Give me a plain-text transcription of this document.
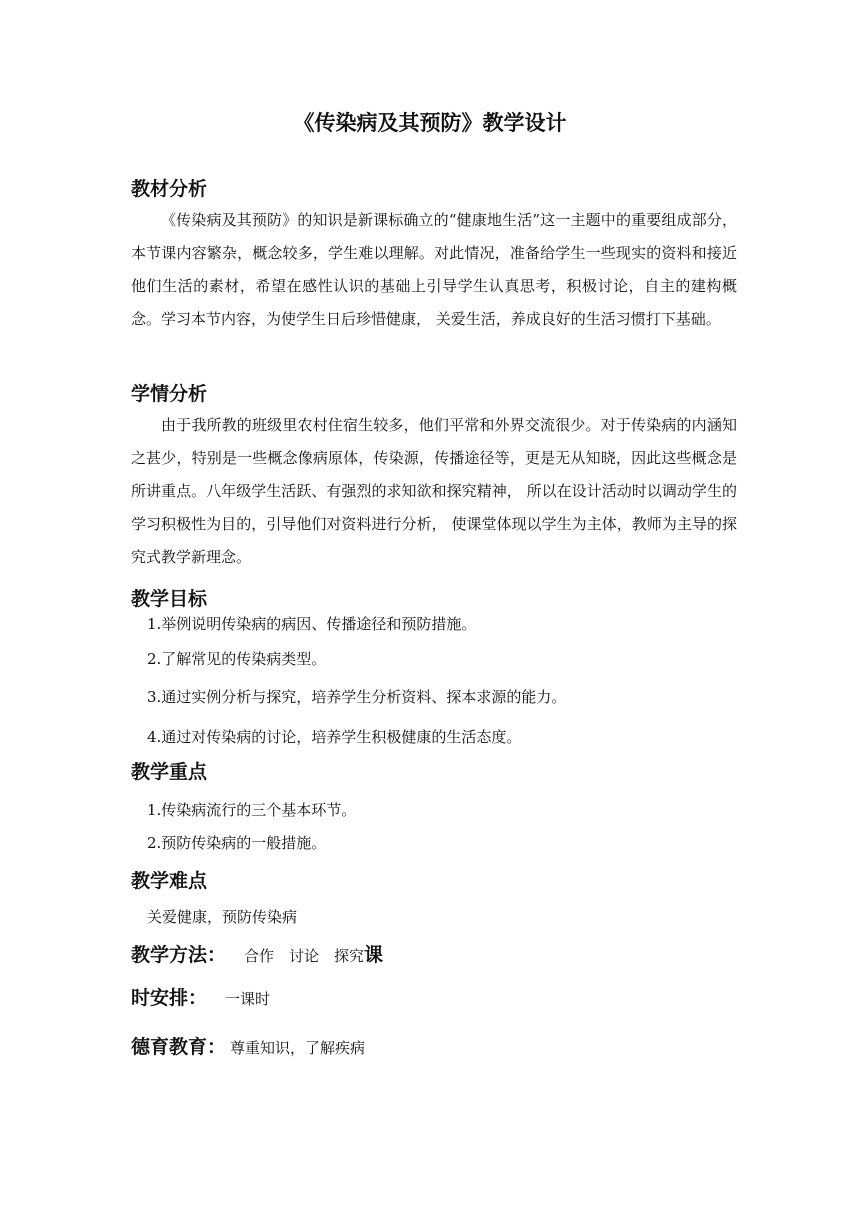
《传染病及其预防》教学设计
教材分析
《传染病及其预防》的知识是新课标确立的“健康地生活”这一主题中的重要组成部分，本节课内容繁杂，概念较多，学生难以理解。对此情况，准备给学生一些现实的资料和接近他们生活的素材，希望在感性认识的基础上引导学生认真思考，积极讨论，自主的建构概念。学习本节内容，为使学生日后珍惜健康， 关爱生活，养成良好的生活习惯打下基础。
学情分析
由于我所教的班级里农村住宿生较多，他们平常和外界交流很少。对于传染病的内涵知之甚少，特别是一些概念像病原体，传染源，传播途径等，更是无从知晓，因此这些概念是所讲重点。八年级学生活跃、有强烈的求知欲和探究精神， 所以在设计活动时以调动学生的学习积极性为目的，引导他们对资料进行分析， 使课堂体现以学生为主体，教师为主导的探究式教学新理念。
教学目标
1.举例说明传染病的病因、传播途径和预防措施。
2.了解常见的传染病类型。
3.通过实例分析与探究，培养学生分析资料、探本求源的能力。
4.通过对传染病的讨论，培养学生积极健康的生活态度。
教学重点
1.传染病流行的三个基本环节。
2.预防传染病的一般措施。
教学难点
关爱健康，预防传染病
教学方法： 合作　讨论　探究 课
时安排： 一课时
德育教育： 尊重知识，了解疾病
